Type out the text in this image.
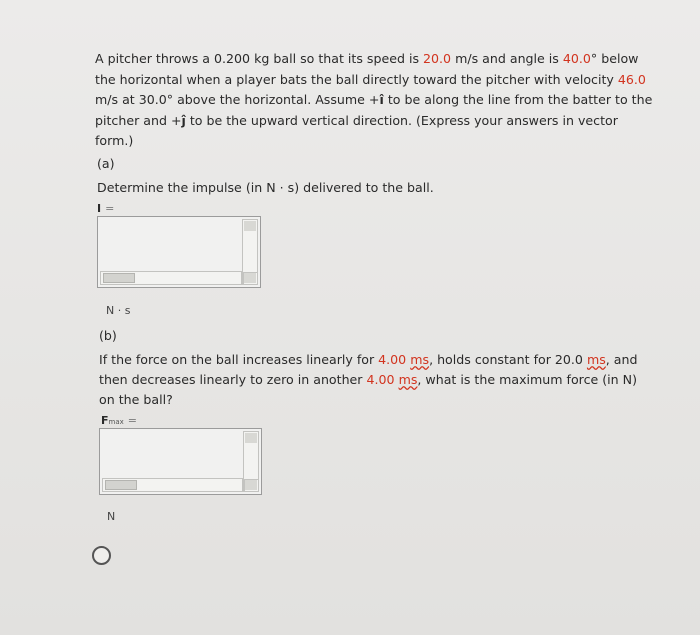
A pitcher throws a 0.200 kg ball so that its speed is 20.0 m/s and angle is 40.0° below the horizontal when a player bats the ball directly toward the pitcher with velocity 46.0 m/s at 30.0° above the horizontal. Assume +î to be along the line from the batter to the pitcher and +ĵ to be the upward vertical direction. (Express your answers in vector form.)

(a)
Determine the impulse (in N · s) delivered to the ball.
I =
N · s
(b)
If the force on the ball increases linearly for 4.00 ms, holds constant for 20.0 ms, and then decreases linearly to zero in another 4.00 ms, what is the maximum force (in N) on the ball?
Fmax =
N
